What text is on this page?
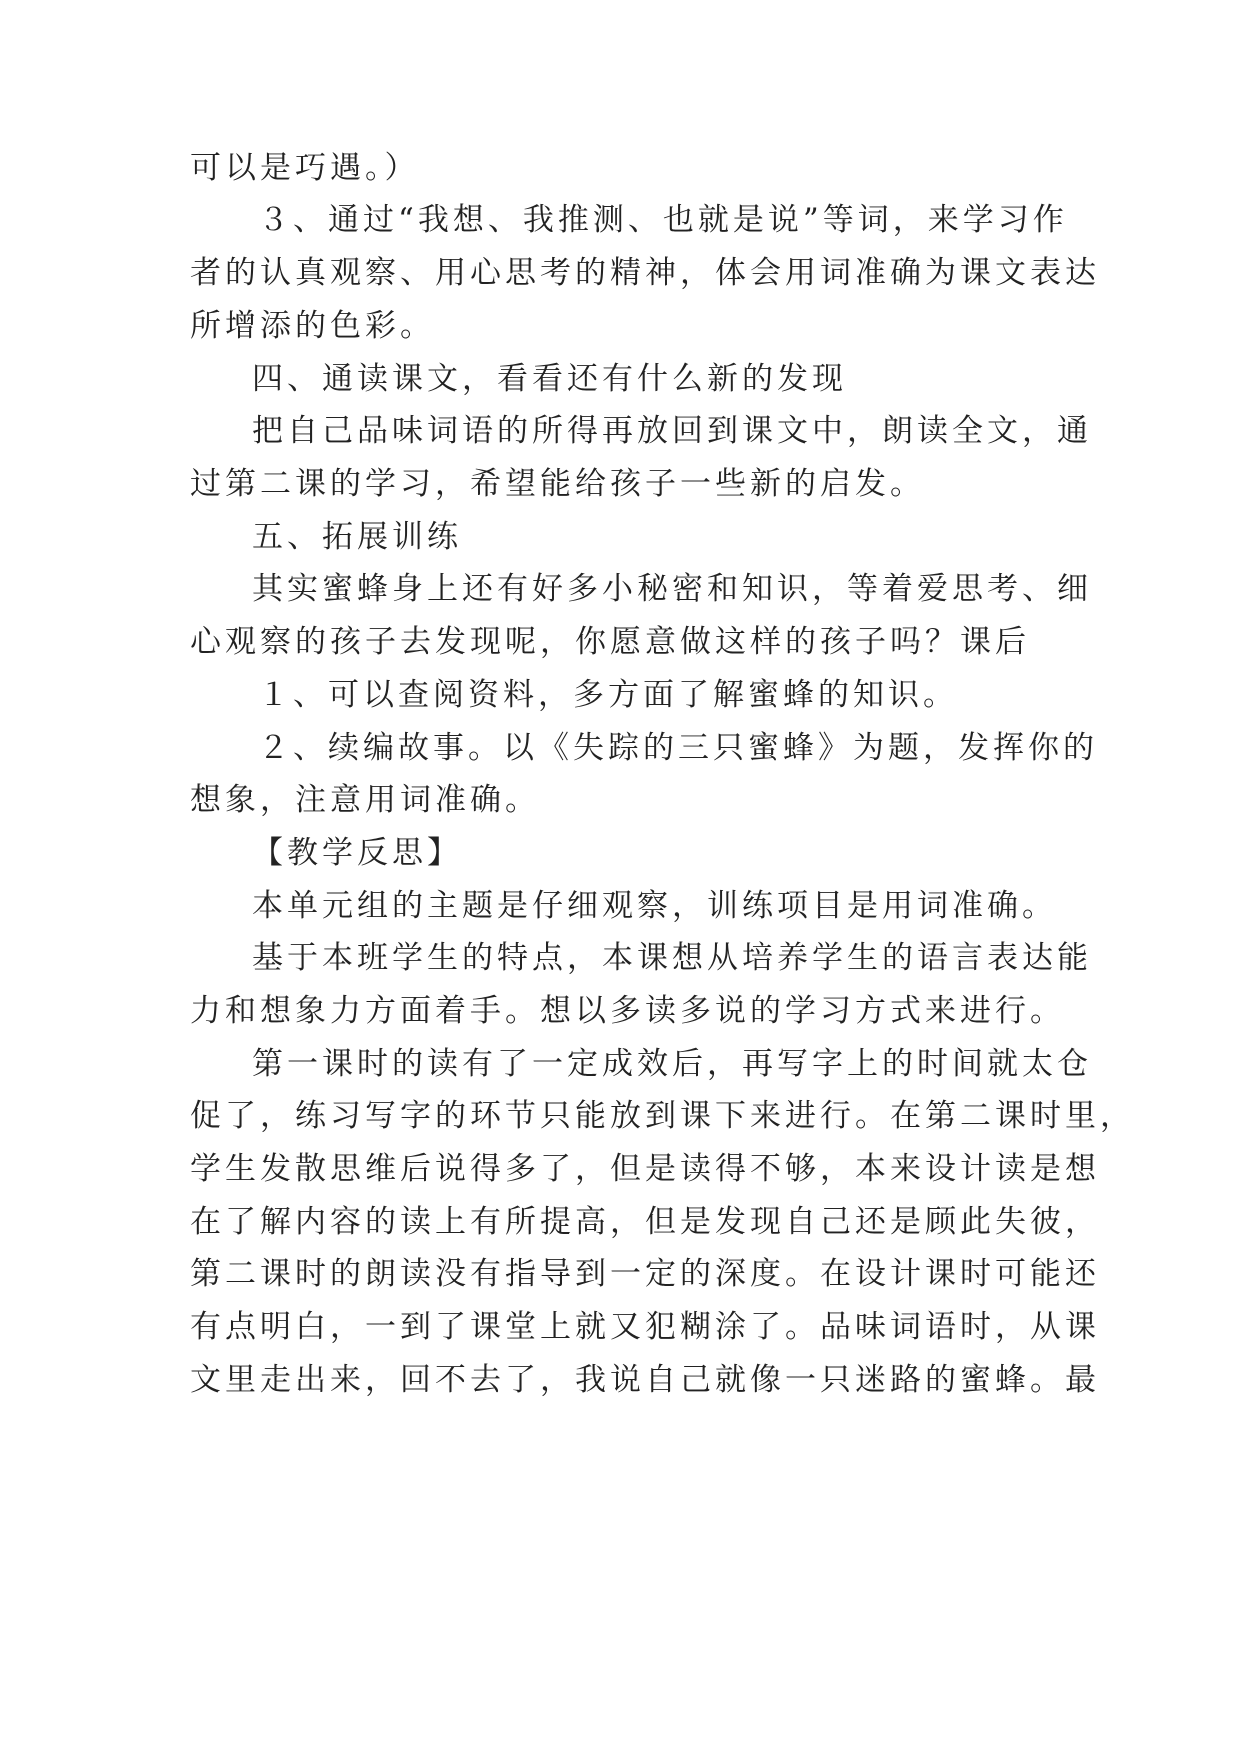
可以是巧遇。）
３、通过“我想、我推测、也就是说”等词，来学习作
者的认真观察、用心思考的精神，体会用词准确为课文表达
所增添的色彩。
四、通读课文，看看还有什么新的发现
把自己品味词语的所得再放回到课文中，朗读全文，通
过第二课的学习，希望能给孩子一些新的启发。
五、拓展训练
其实蜜蜂身上还有好多小秘密和知识，等着爱思考、细
心观察的孩子去发现呢，你愿意做这样的孩子吗？课后
１、可以查阅资料，多方面了解蜜蜂的知识。
２、续编故事。以《失踪的三只蜜蜂》为题，发挥你的
想象，注意用词准确。
【教学反思】
本单元组的主题是仔细观察，训练项目是用词准确。
基于本班学生的特点，本课想从培养学生的语言表达能
力和想象力方面着手。想以多读多说的学习方式来进行。
第一课时的读有了一定成效后，再写字上的时间就太仓
促了，练习写字的环节只能放到课下来进行。在第二课时里，
学生发散思维后说得多了，但是读得不够，本来设计读是想
在了解内容的读上有所提高，但是发现自己还是顾此失彼，
第二课时的朗读没有指导到一定的深度。在设计课时可能还
有点明白，一到了课堂上就又犯糊涂了。品味词语时，从课
文里走出来，回不去了，我说自己就像一只迷路的蜜蜂。最
